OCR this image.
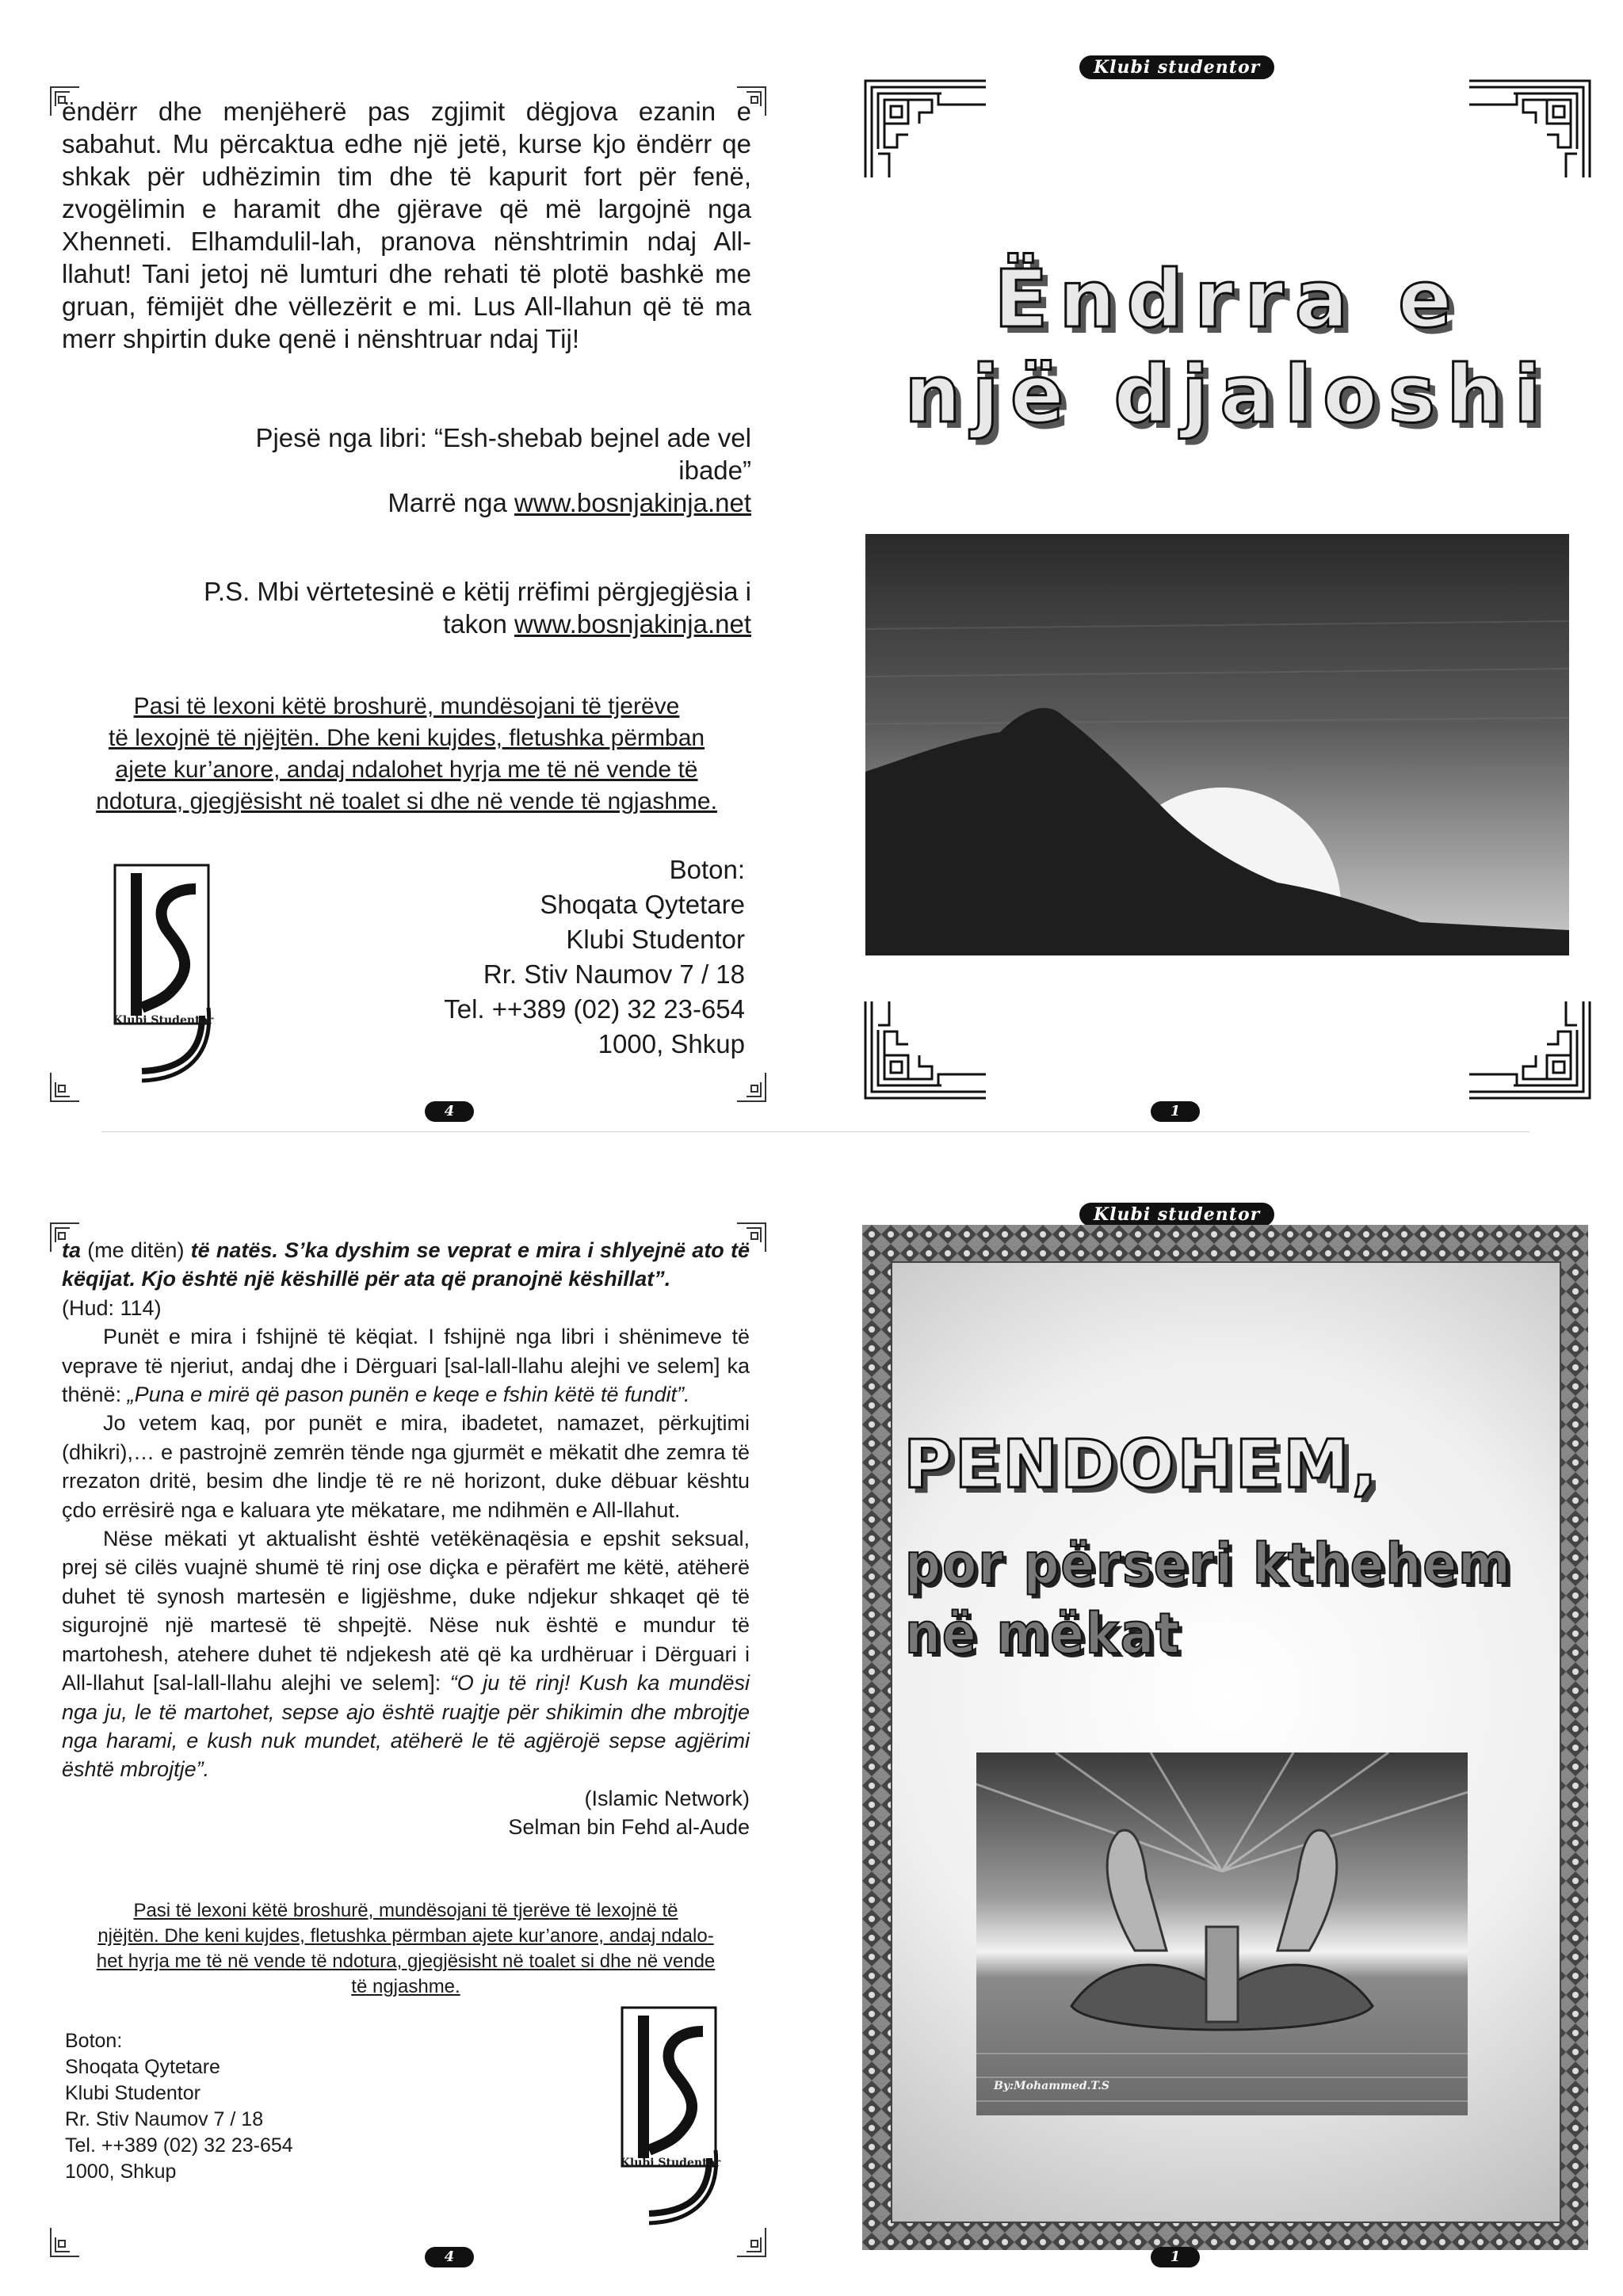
ëndërr dhe menjëherë pas zgjimit dëgjova ezanin e sabahut. Mu përcaktua edhe një jetë, kurse kjo ëndërr qe shkak për udhëzimin tim dhe të kapurit fort për fenë, zvogëlimin e haramit dhe gjërave që më largojnë nga Xhenneti. Elhamdulil-lah, pranova nënshtrimin ndaj All-llahut! Tani jetoj në lumturi dhe rehati të plotë bashkë me gruan, fëmijët dhe vëllezërit e mi. Lus All-llahun që të ma merr shpirtin duke qenë i nënshtruar ndaj Tij!

Pjesë nga libri: “Esh-shebab bejnel ade vel

ibade”

Marrë nga www.bosnjakinja.net

P.S. Mbi vërtetesinë e këtij rrëfimi përgjegjësia i

takon www.bosnjakinja.net

Pasi të lexoni këtë broshurë, mundësojani të tjerëve
të lexojnë të njëjtën. Dhe keni kujdes, fletushka përmban
ajete kur’anore, andaj ndalohet hyrja me të në vende të
ndotura, gjegjësisht në toalet si dhe në vende të ngjashme.
Klubi Studentor
Boton:
Shoqata Qytetare
Klubi Studentor
Rr. Stiv Naumov 7 / 18
Tel. ++389 (02) 32 23-654
1000, Shkup
4
Klubi studentor
Ëndrra e
një djaloshi
1

ta (me ditën) të natës. S’ka dyshim se veprat e mira i shlyejnë ato të këqijat. Kjo është një këshillë për ata që pranojnë këshillat”.

(Hud: 114)

Punët e mira i fshijnë të këqiat. I fshijnë nga libri i shënimeve të veprave të njeriut, andaj dhe i Dërguari [sal-lall-llahu alejhi ve selem] ka thënë: „Puna e mirë që pason punën e keqe e fshin këtë të fundit”.

Jo vetem kaq, por punët e mira, ibadetet, namazet, përkujtimi (dhikri),… e pastrojnë zemrën tënde nga gjurmët e mëkatit dhe zemra të rrezaton dritë, besim dhe lindje të re në horizont, duke dëbuar kështu çdo errësirë nga e kaluara yte mëkatare, me ndihmën e All-llahut.

Nëse mëkati yt aktualisht është vetëkënaqësia e epshit seksual, prej së cilës vuajnë shumë të rinj ose diçka e përafërt me këtë, atëherë duhet të synosh martesën e ligjëshme, duke ndjekur shkaqet që të sigurojnë një martesë të shpejtë. Nëse nuk është e mundur të martohesh, atehere duhet të ndjekesh atë që ka urdhëruar i Dërguari i All-llahut [sal-lall-llahu alejhi ve selem]: “O ju të rinj! Kush ka mundësi nga ju, le të martohet, sepse ajo është ruajtje për shikimin dhe mbrojtje nga harami, e kush nuk mundet, atëherë le të agjërojë sepse agjërimi është mbrojtje”.

(Islamic Network)

Selman bin Fehd al-Aude

Pasi të lexoni këtë broshurë, mundësojani të tjerëve të lexojnë të
njëjtën. Dhe keni kujdes, fletushka përmban ajete kur’anore, andaj ndalo-
het hyrja me të në vende të ndotura, gjegjësisht në toalet si dhe në vende
të ngjashme.
Boton:
Shoqata Qytetare
Klubi Studentor
Rr. Stiv Naumov 7 / 18
Tel. ++389 (02) 32 23-654
1000, Shkup	Klubi Studentor
4
Klubi studentor
PENDOHEM,
por përseri kthehem
në mëkat
By:Mohammed.T.S
1
